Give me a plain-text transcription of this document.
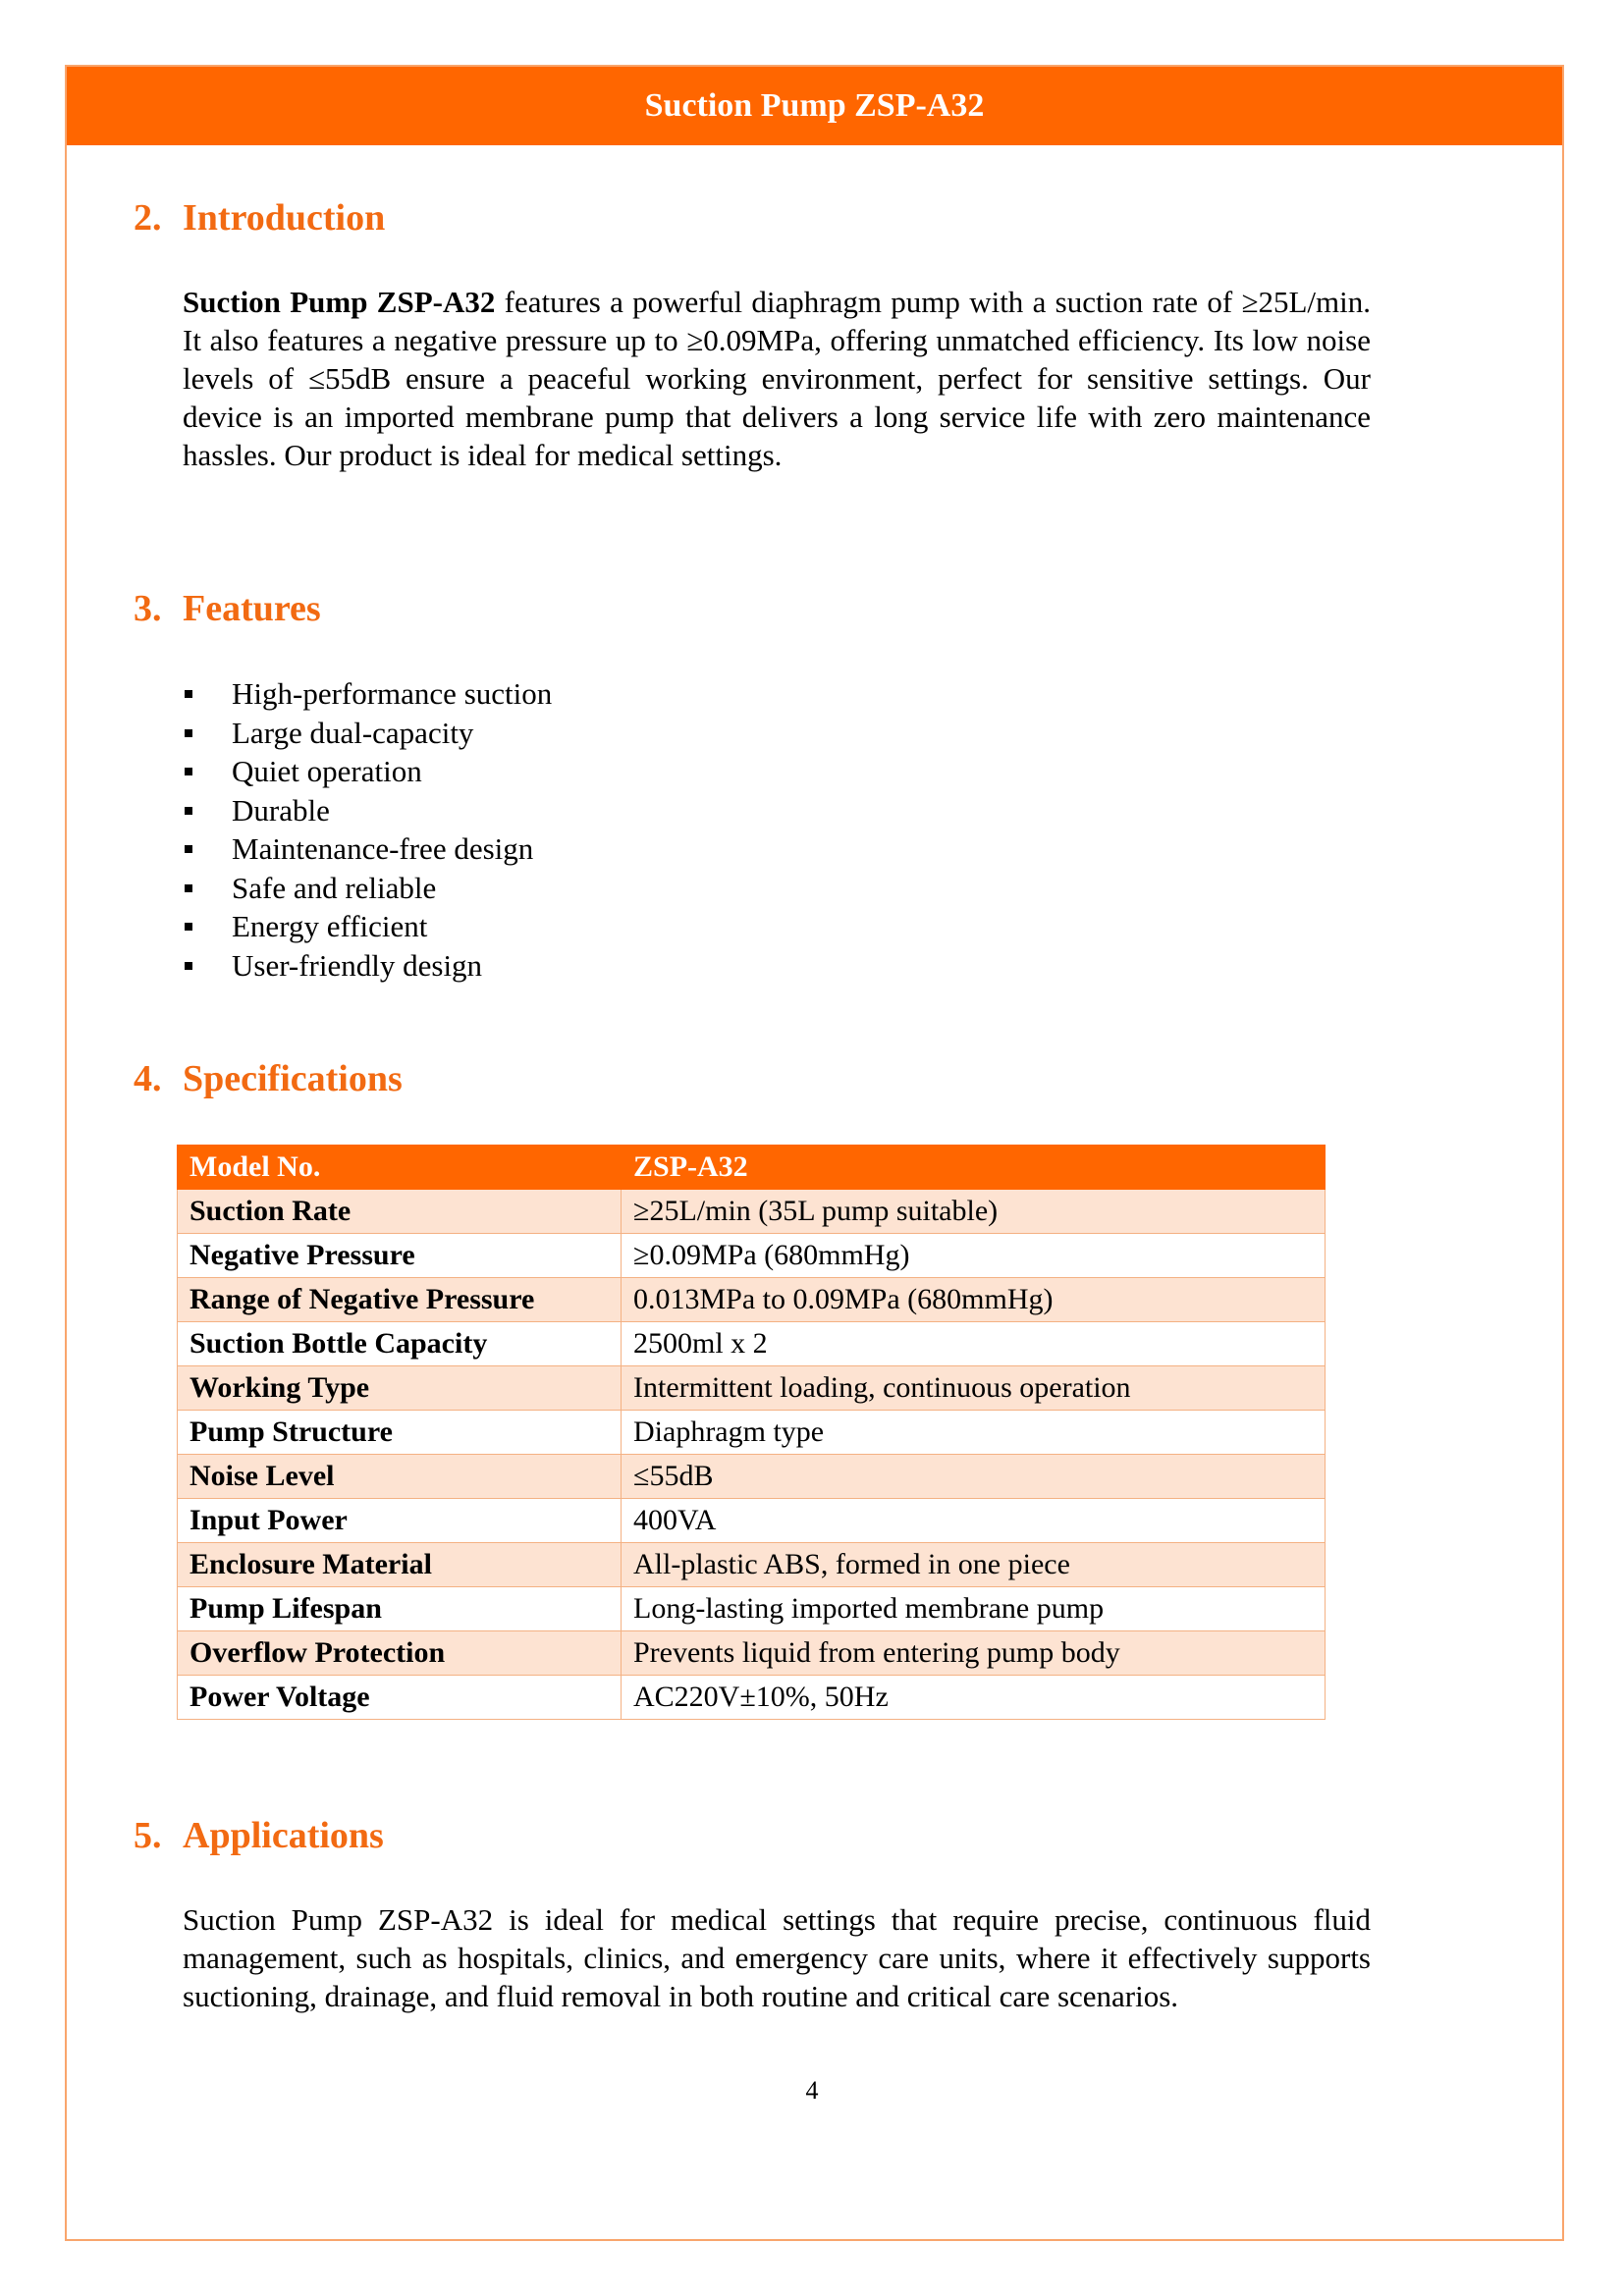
Suction Pump ZSP-A32
2. Introduction
Suction Pump ZSP-A32 features a powerful diaphragm pump with a suction rate of ≥25L/min. It also features a negative pressure up to ≥0.09MPa, offering unmatched efficiency. Its low noise levels of ≤55dB ensure a peaceful working environment, perfect for sensitive settings. Our device is an imported membrane pump that delivers a long service life with zero maintenance hassles. Our product is ideal for medical settings.
3. Features
High-performance suction
Large dual-capacity
Quiet operation
Durable
Maintenance-free design
Safe and reliable
Energy efficient
User-friendly design
4. Specifications
Model No.	ZSP-A32
Suction Rate	≥25L/min (35L pump suitable)
Negative Pressure	≥0.09MPa (680mmHg)
Range of Negative Pressure	0.013MPa to 0.09MPa (680mmHg)
Suction Bottle Capacity	2500ml x 2
Working Type	Intermittent loading, continuous operation
Pump Structure	Diaphragm type
Noise Level	≤55dB
Input Power	400VA
Enclosure Material	All-plastic ABS, formed in one piece
Pump Lifespan	Long-lasting imported membrane pump
Overflow Protection	Prevents liquid from entering pump body
Power Voltage	AC220V±10%, 50Hz
5. Applications
Suction Pump ZSP-A32 is ideal for medical settings that require precise, continuous fluid management, such as hospitals, clinics, and emergency care units, where it effectively supports suctioning, drainage, and fluid removal in both routine and critical care scenarios.
4
